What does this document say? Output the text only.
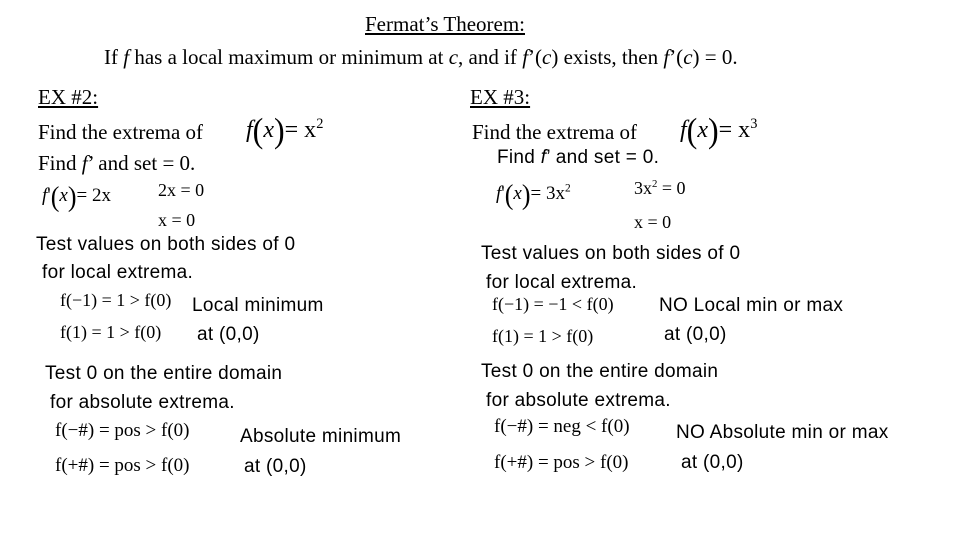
Fermat’s Theorem:
If f has a local maximum or minimum at c, and if f’(c) exists, then f’(c) = 0.
EX #2:
Find the extrema of $f(x)= x^2$
Find f’ and set = 0.
f'(x)= 2x	2x = 0
x = 0
Test values on both sides of 0
for local extrema.
f(−1) = 1 > f(0)
f(1) = 1 > f(0)
Local minimum
at (0,0)
Test 0 on the entire domain
for absolute extrema.
f(−#) = pos > f(0)
f(+#) = pos > f(0)
Absolute minimum
at (0,0)
EX #3:
Find the extrema of $f(x)= x^3$
Find f’ and set = 0.
$f'(x)= 3x^2$	$3x^2 = 0$
x = 0
Test values on both sides of 0
for local extrema.
f(−1) = −1 < f(0)
f(1) = 1 > f(0)
NO Local min or max
at (0,0)
Test 0 on the entire domain
for absolute extrema.
f(−#) = neg < f(0)
f(+#) = pos > f(0)
NO Absolute min or max
at (0,0)
